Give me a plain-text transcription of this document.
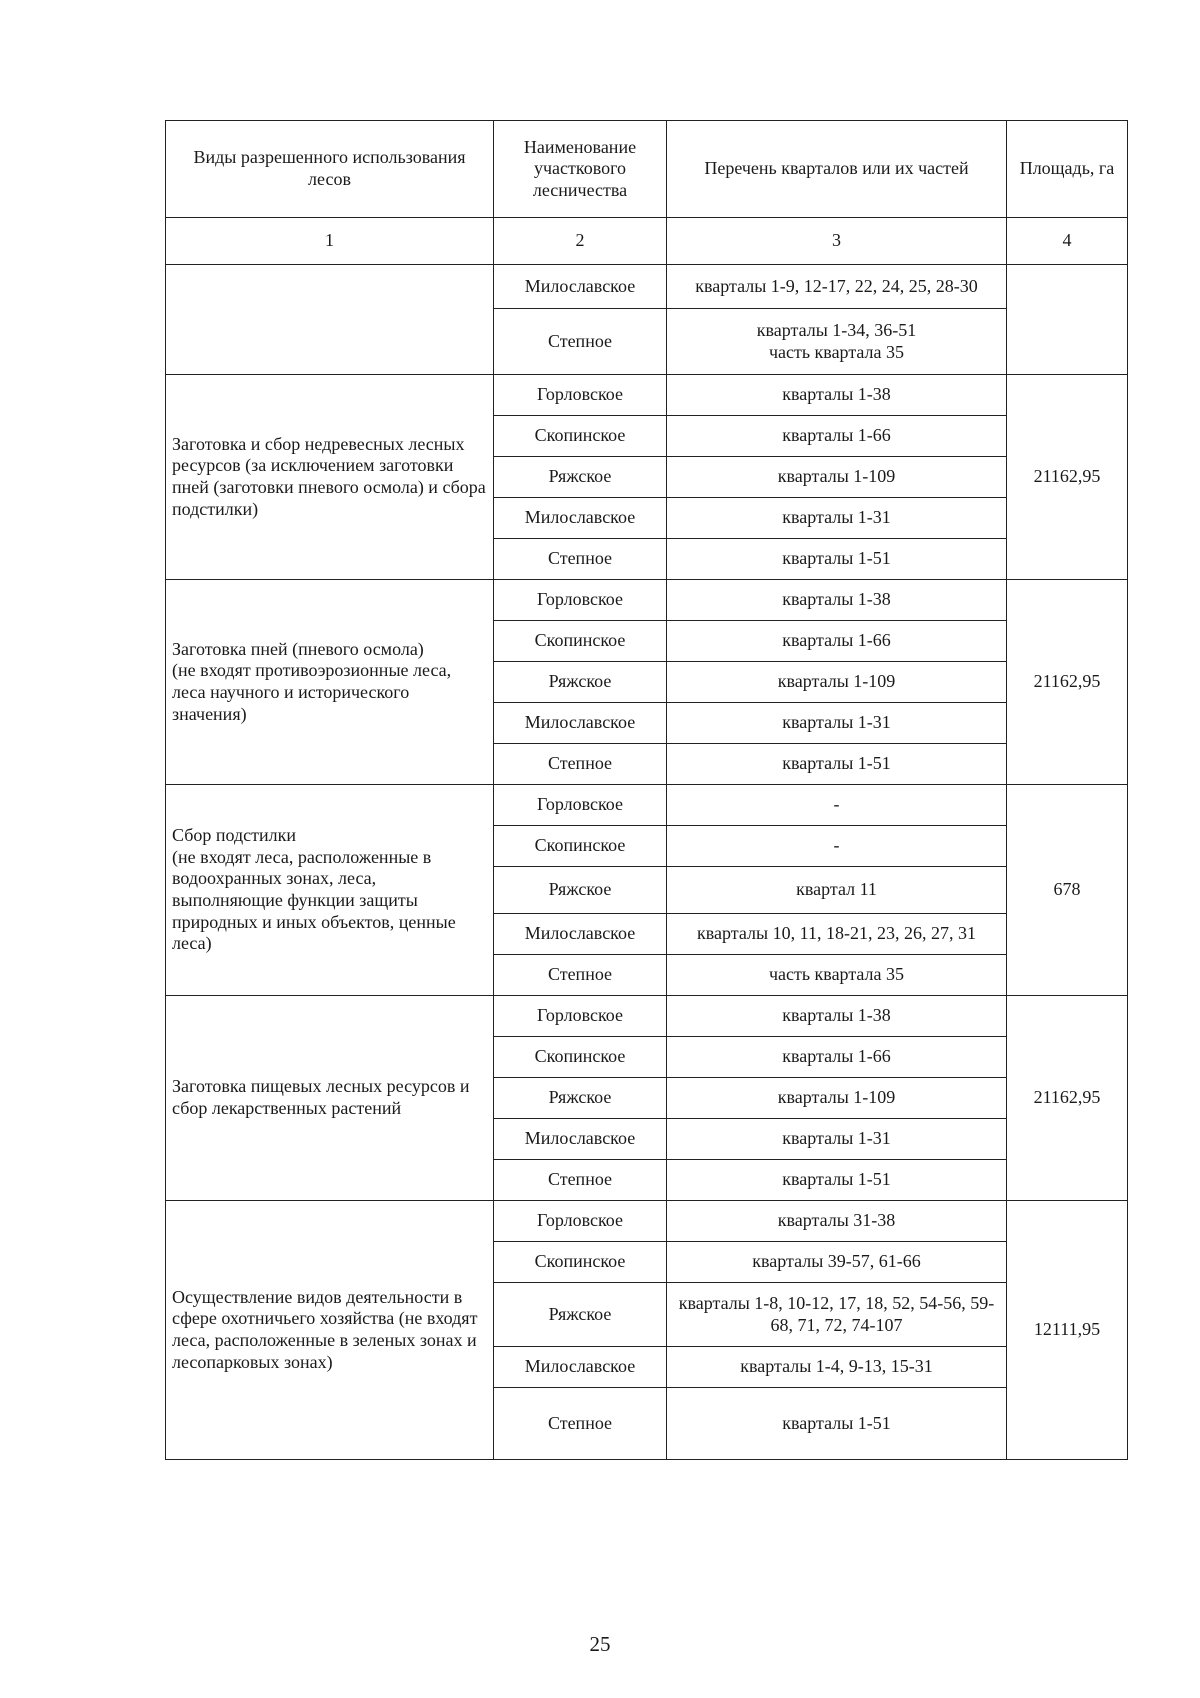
Виды разрешенного использования лесов	Наименование участкового лесничества	Перечень кварталов или их частей	Площадь, га
1	2	3	4
	Милославское	кварталы 1-9, 12-17, 22, 24, 25, 28-30	
	Степное	кварталы 1-34, 36-51
часть квартала 35	
Заготовка и сбор недревесных лесных ресурсов (за исключением заготовки пней (заготовки пневого осмола) и сбора подстилки)	Горловское	кварталы 1-38	21162,95
	Скопинское	кварталы 1-66	
	Ряжское	кварталы 1-109	
	Милославское	кварталы 1-31	
	Степное	кварталы 1-51	
Заготовка пней (пневого осмола)
(не входят противоэрозионные леса, леса научного и исторического значения)	Горловское	кварталы 1-38	21162,95
	Скопинское	кварталы 1-66	
	Ряжское	кварталы 1-109	
	Милославское	кварталы 1-31	
	Степное	кварталы 1-51	
Сбор подстилки
(не входят леса, расположенные в водоохранных зонах, леса, выполняющие функции защиты природных и иных объектов, ценные леса)	Горловское	-	678
	Скопинское	-	
	Ряжское	квартал 11	
	Милославское	кварталы 10, 11, 18-21, 23, 26, 27, 31	
	Степное	часть квартала 35	
Заготовка пищевых лесных ресурсов и сбор лекарственных растений	Горловское	кварталы 1-38	21162,95
	Скопинское	кварталы 1-66	
	Ряжское	кварталы 1-109	
	Милославское	кварталы 1-31	
	Степное	кварталы 1-51	
Осуществление видов деятельности в сфере охотничьего хозяйства (не входят леса, расположенные в зеленых зонах и лесопарковых зонах)	Горловское	кварталы 31-38	12111,95
	Скопинское	кварталы 39-57, 61-66	
	Ряжское	кварталы 1-8, 10-12, 17, 18, 52, 54-56, 59-68, 71, 72, 74-107	
	Милославское	кварталы 1-4, 9-13, 15-31	
	Степное	кварталы 1-51	
25
